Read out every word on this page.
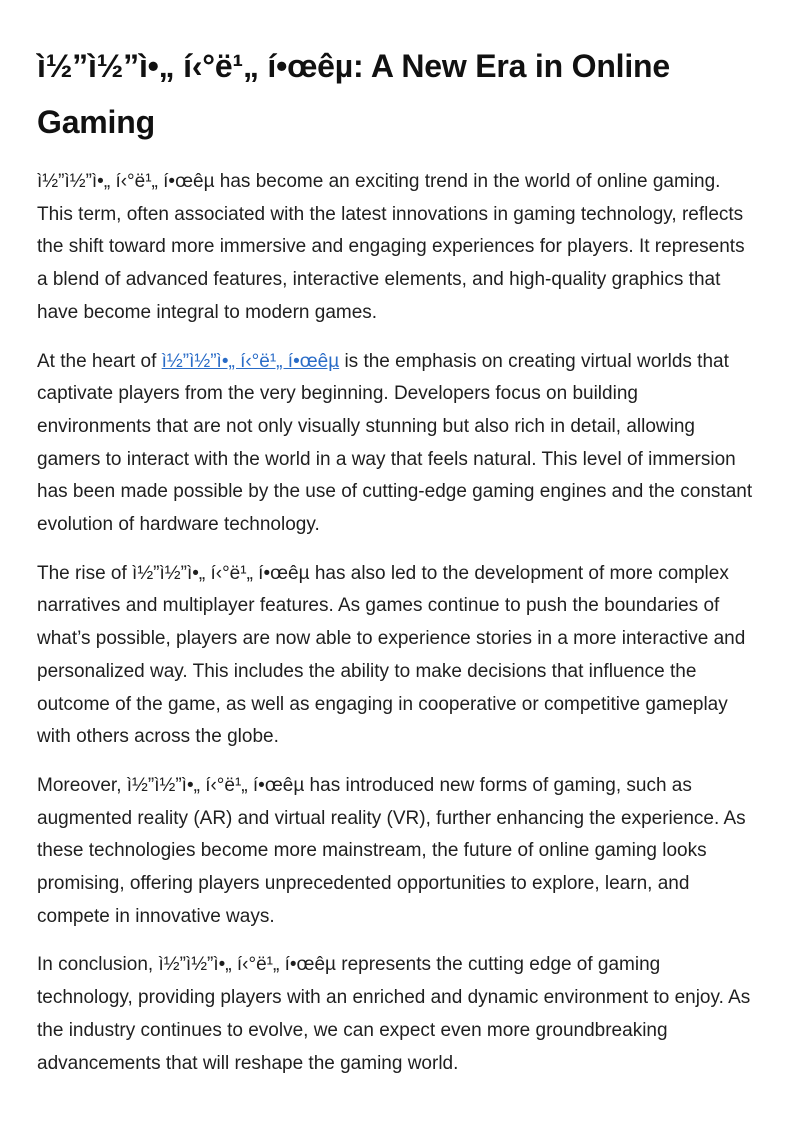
ì½”ì½”ì•„ í‹°ë¹„ í•œêµ: A New Era in Online Gaming

ì½”ì½”ì•„ í‹°ë¹„ í•œêµ has become an exciting trend in the world of online gaming. This term, often associated with the latest innovations in gaming technology, reflects the shift toward more immersive and engaging experiences for players. It represents a blend of advanced features, interactive elements, and high-quality graphics that have become integral to modern games.

At the heart of ì½”ì½”ì•„ í‹°ë¹„ í•œêµ is the emphasis on creating virtual worlds that captivate players from the very beginning. Developers focus on building environments that are not only visually stunning but also rich in detail, allowing gamers to interact with the world in a way that feels natural. This level of immersion has been made possible by the use of cutting-edge gaming engines and the constant evolution of hardware technology.

The rise of ì½”ì½”ì•„ í‹°ë¹„ í•œêµ has also led to the development of more complex narratives and multiplayer features. As games continue to push the boundaries of what’s possible, players are now able to experience stories in a more interactive and personalized way. This includes the ability to make decisions that influence the outcome of the game, as well as engaging in cooperative or competitive gameplay with others across the globe.

Moreover, ì½”ì½”ì•„ í‹°ë¹„ í•œêµ has introduced new forms of gaming, such as augmented reality (AR) and virtual reality (VR), further enhancing the experience. As these technologies become more mainstream, the future of online gaming looks promising, offering players unprecedented opportunities to explore, learn, and compete in innovative ways.

In conclusion, ì½”ì½”ì•„ í‹°ë¹„ í•œêµ represents the cutting edge of gaming technology, providing players with an enriched and dynamic environment to enjoy. As the industry continues to evolve, we can expect even more groundbreaking advancements that will reshape the gaming world.
